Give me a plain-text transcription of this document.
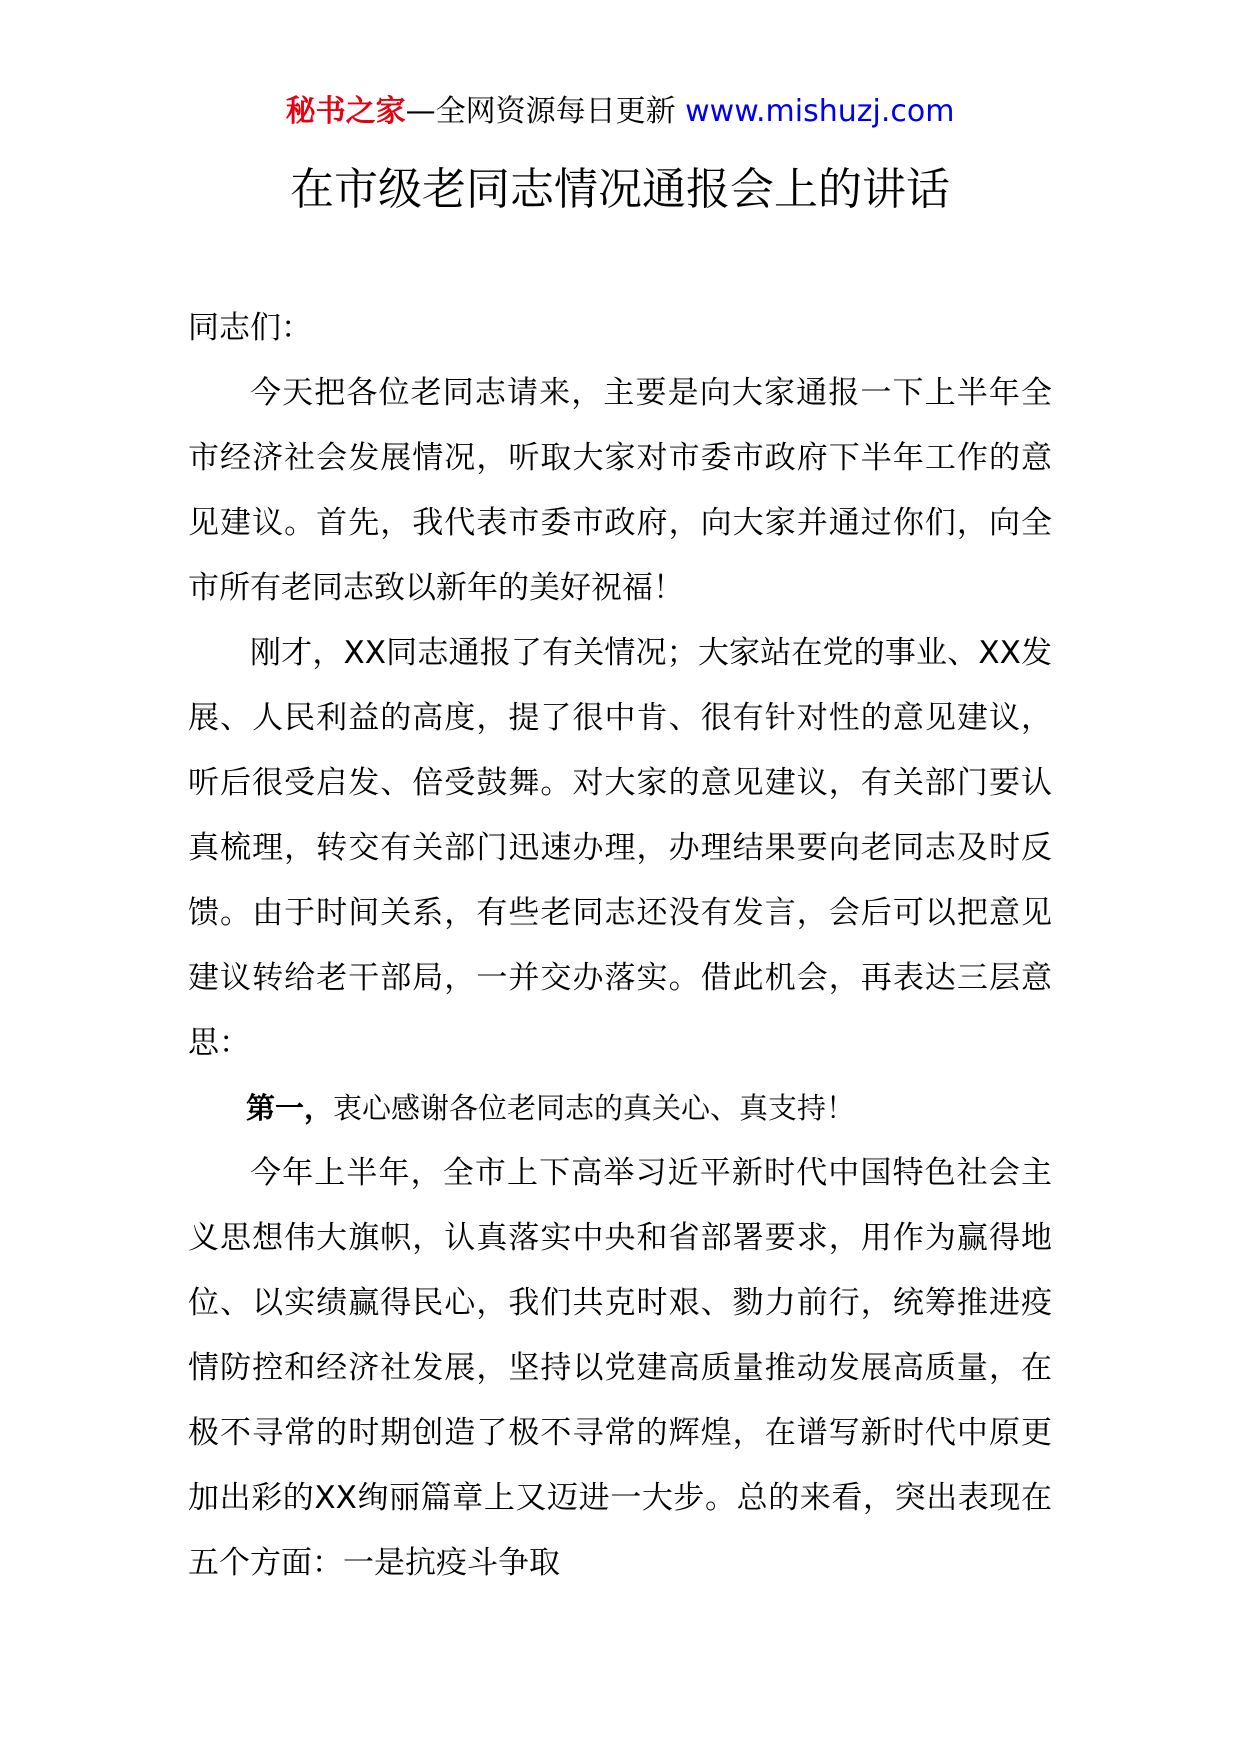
秘书之家—全网资源每日更新 www.mishuzj.com
在市级老同志情况通报会上的讲话

同志们：

今天把各位老同志请来，主要是向大家通报一下上半年全市经济社会发展情况，听取大家对市委市政府下半年工作的意见建议。首先，我代表市委市政府，向大家并通过你们，向全市所有老同志致以新年的美好祝福！

刚才，XX同志通报了有关情况；大家站在党的事业、XX发展、人民利益的高度，提了很中肯、很有针对性的意见建议，听后很受启发、倍受鼓舞。对大家的意见建议，有关部门要认真梳理，转交有关部门迅速办理，办理结果要向老同志及时反馈。由于时间关系，有些老同志还没有发言，会后可以把意见建议转给老干部局，一并交办落实。借此机会，再表达三层意思：

第一，衷心感谢各位老同志的真关心、真支持！

今年上半年，全市上下高举习近平新时代中国特色社会主义思想伟大旗帜，认真落实中央和省部署要求，用作为赢得地位、以实绩赢得民心，我们共克时艰、勠力前行，统筹推进疫情防控和经济社发展，坚持以党建高质量推动发展高质量，在极不寻常的时期创造了极不寻常的辉煌，在谱写新时代中原更加出彩的XX绚丽篇章上又迈进一大步。总的来看，突出表现在五个方面：一是抗疫斗争取
